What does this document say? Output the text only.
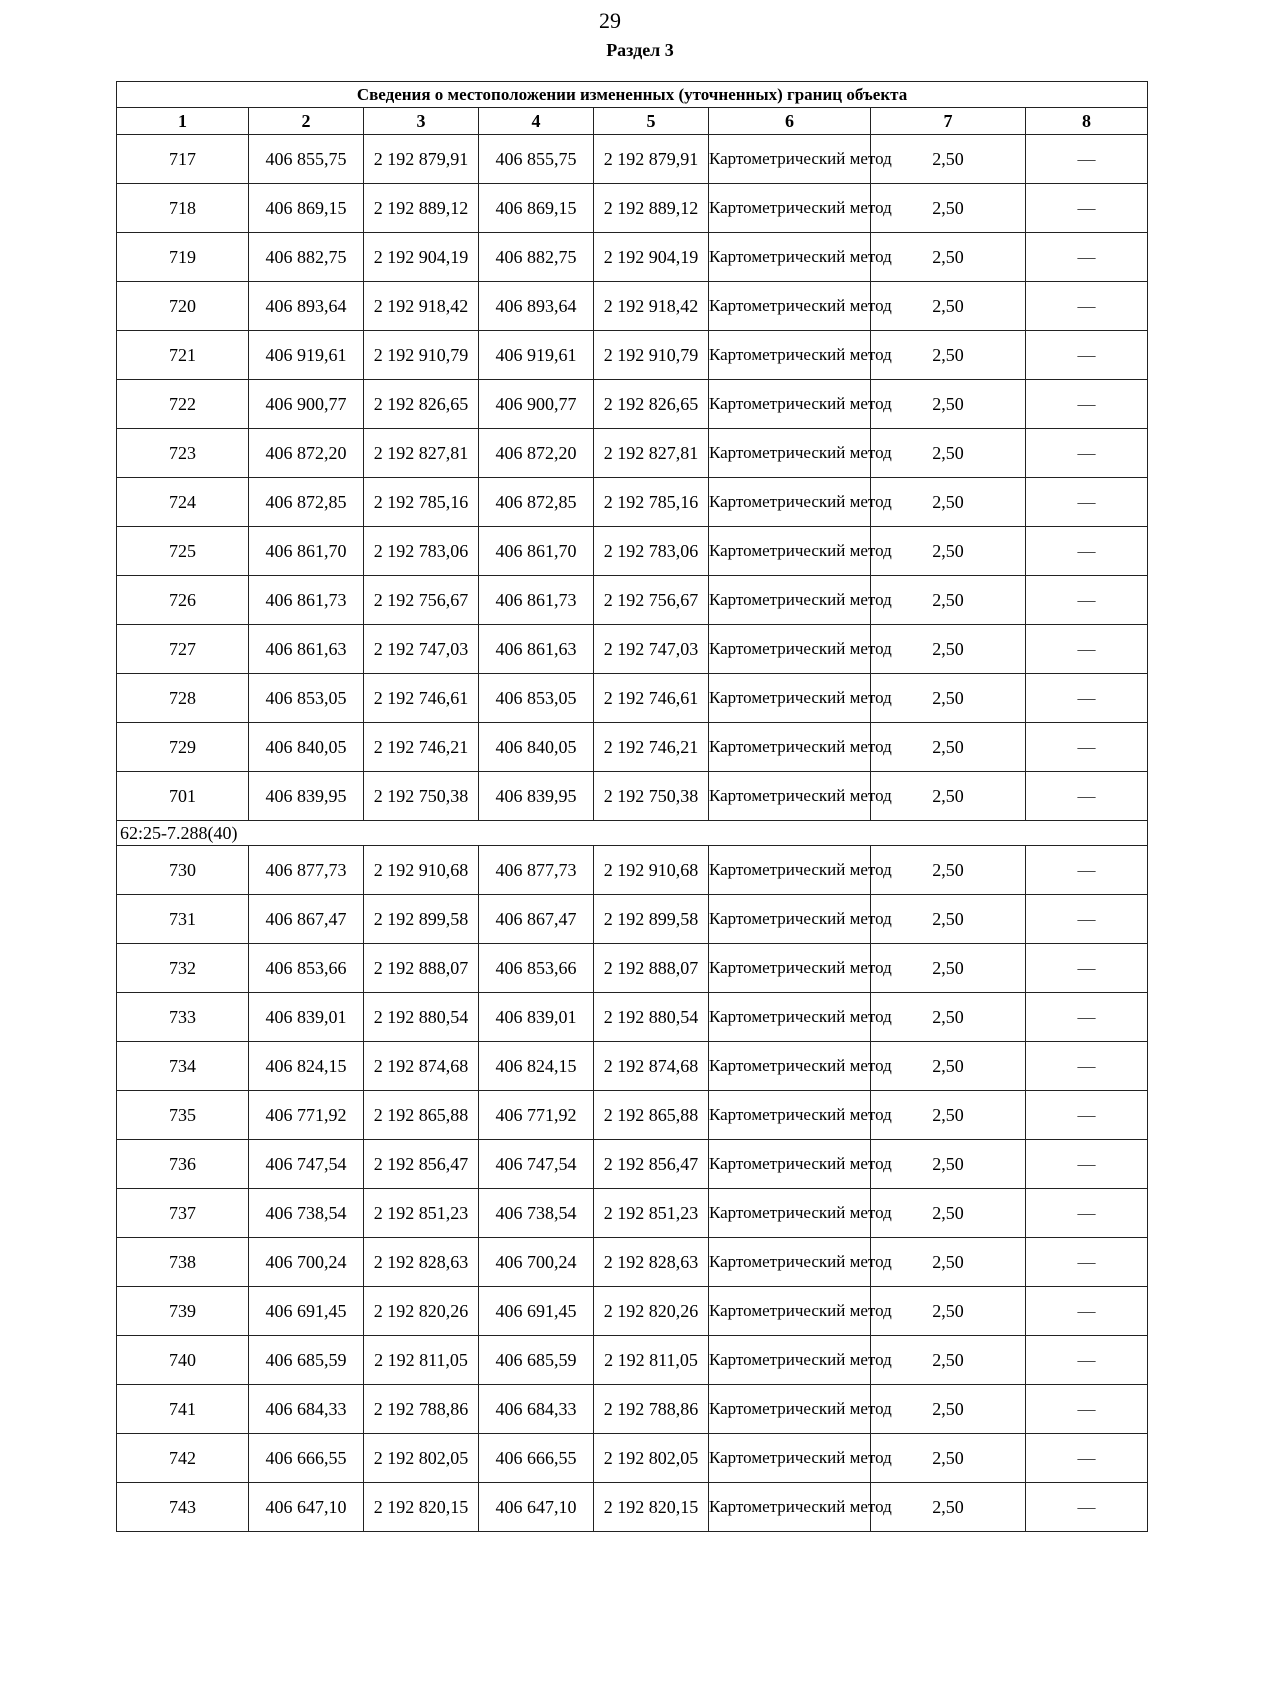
29
Раздел 3
Сведения о местоположении измененных (уточненных) границ объекта							
1	2	3	4	5	6	7	8
717	406 855,75	2 192 879,91	406 855,75	2 192 879,91	Картометрический метод	2,50	—
718	406 869,15	2 192 889,12	406 869,15	2 192 889,12	Картометрический метод	2,50	—
719	406 882,75	2 192 904,19	406 882,75	2 192 904,19	Картометрический метод	2,50	—
720	406 893,64	2 192 918,42	406 893,64	2 192 918,42	Картометрический метод	2,50	—
721	406 919,61	2 192 910,79	406 919,61	2 192 910,79	Картометрический метод	2,50	—
722	406 900,77	2 192 826,65	406 900,77	2 192 826,65	Картометрический метод	2,50	—
723	406 872,20	2 192 827,81	406 872,20	2 192 827,81	Картометрический метод	2,50	—
724	406 872,85	2 192 785,16	406 872,85	2 192 785,16	Картометрический метод	2,50	—
725	406 861,70	2 192 783,06	406 861,70	2 192 783,06	Картометрический метод	2,50	—
726	406 861,73	2 192 756,67	406 861,73	2 192 756,67	Картометрический метод	2,50	—
727	406 861,63	2 192 747,03	406 861,63	2 192 747,03	Картометрический метод	2,50	—
728	406 853,05	2 192 746,61	406 853,05	2 192 746,61	Картометрический метод	2,50	—
729	406 840,05	2 192 746,21	406 840,05	2 192 746,21	Картометрический метод	2,50	—
701	406 839,95	2 192 750,38	406 839,95	2 192 750,38	Картометрический метод	2,50	—
62:25-7.288(40)							
730	406 877,73	2 192 910,68	406 877,73	2 192 910,68	Картометрический метод	2,50	—
731	406 867,47	2 192 899,58	406 867,47	2 192 899,58	Картометрический метод	2,50	—
732	406 853,66	2 192 888,07	406 853,66	2 192 888,07	Картометрический метод	2,50	—
733	406 839,01	2 192 880,54	406 839,01	2 192 880,54	Картометрический метод	2,50	—
734	406 824,15	2 192 874,68	406 824,15	2 192 874,68	Картометрический метод	2,50	—
735	406 771,92	2 192 865,88	406 771,92	2 192 865,88	Картометрический метод	2,50	—
736	406 747,54	2 192 856,47	406 747,54	2 192 856,47	Картометрический метод	2,50	—
737	406 738,54	2 192 851,23	406 738,54	2 192 851,23	Картометрический метод	2,50	—
738	406 700,24	2 192 828,63	406 700,24	2 192 828,63	Картометрический метод	2,50	—
739	406 691,45	2 192 820,26	406 691,45	2 192 820,26	Картометрический метод	2,50	—
740	406 685,59	2 192 811,05	406 685,59	2 192 811,05	Картометрический метод	2,50	—
741	406 684,33	2 192 788,86	406 684,33	2 192 788,86	Картометрический метод	2,50	—
742	406 666,55	2 192 802,05	406 666,55	2 192 802,05	Картометрический метод	2,50	—
743	406 647,10	2 192 820,15	406 647,10	2 192 820,15	Картометрический метод	2,50	—
